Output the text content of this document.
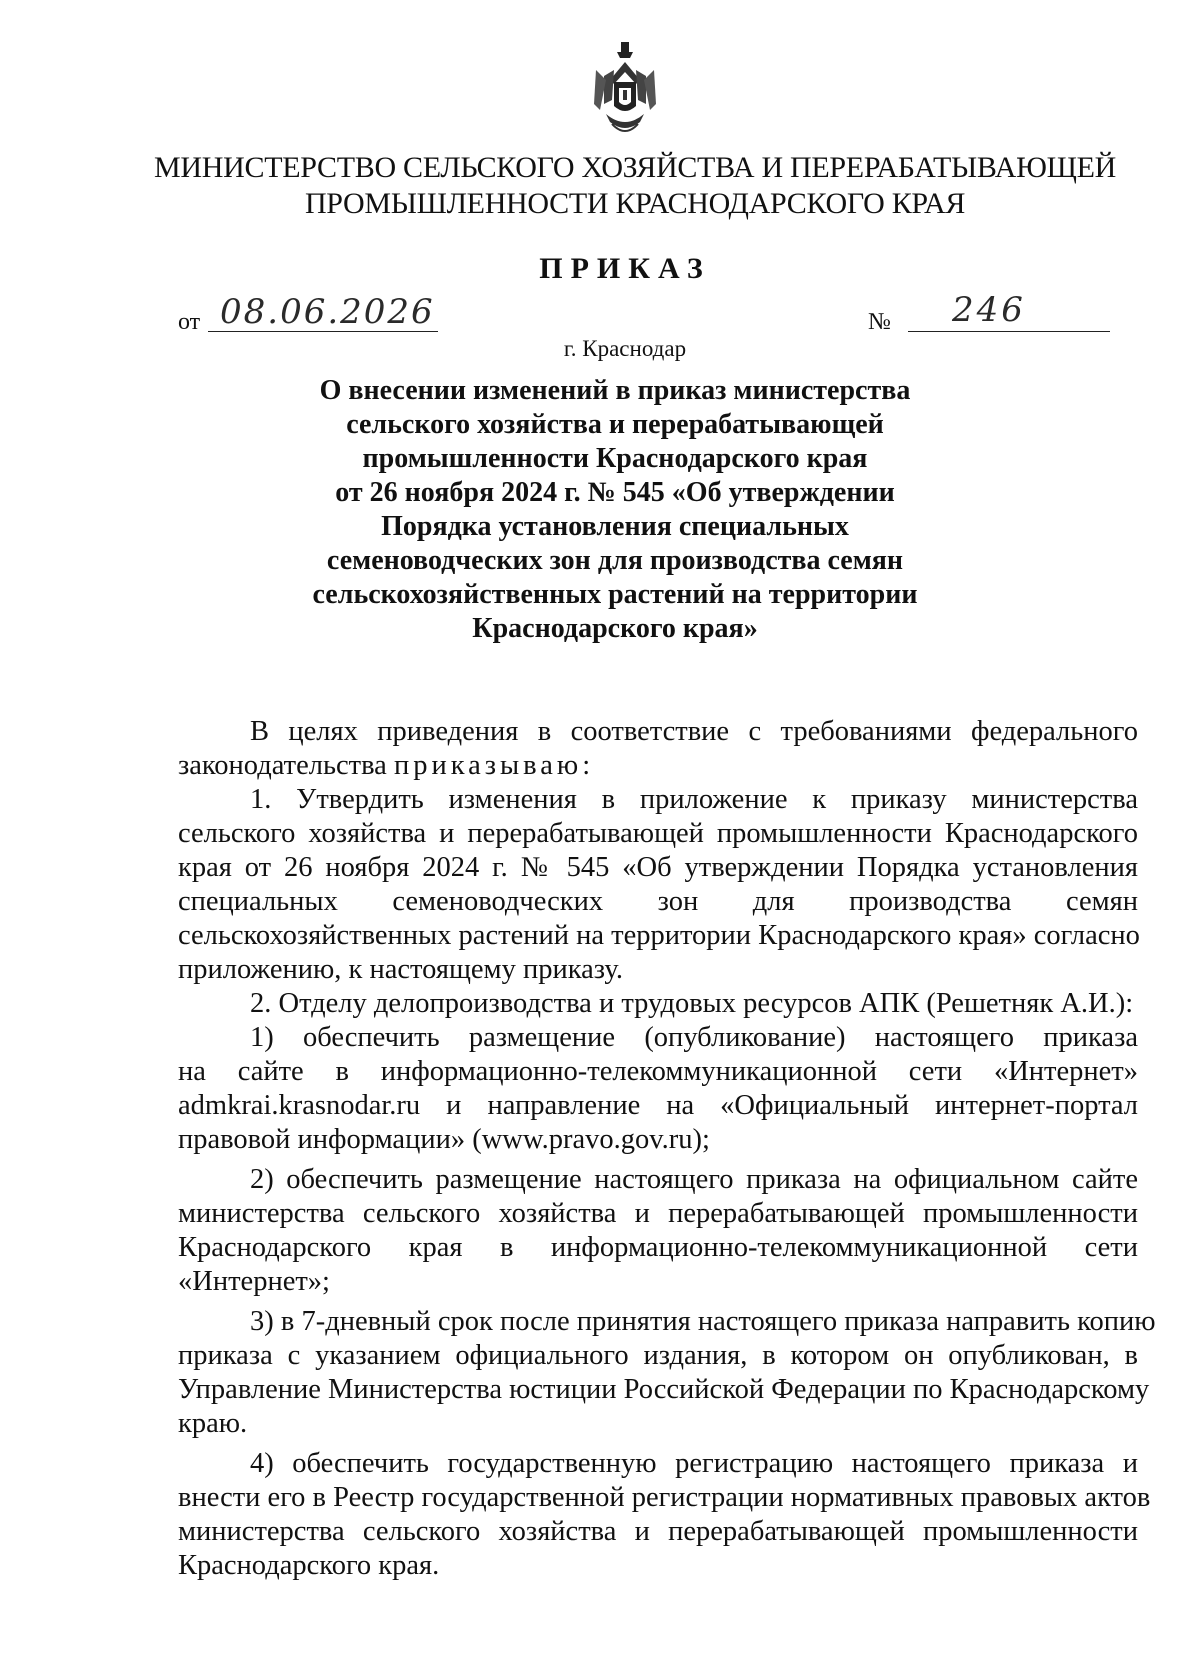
МИНИСТЕРСТВО СЕЛЬСКОГО ХОЗЯЙСТВА И ПЕРЕРАБАТЫВАЮЩЕЙ
ПРОМЫШЛЕННОСТИ КРАСНОДАРСКОГО КРАЯ
ПРИКАЗ
от 08.06.2026	№ 246
г. Краснодар
О внесении изменений в приказ министерства
сельского хозяйства и перерабатывающей
промышленности Краснодарского края
от 26 ноября 2024 г. № 545 «Об утверждении
Порядка установления специальных
семеноводческих зон для производства семян
сельскохозяйственных растений на территории
Краснодарского края»
В целях приведения в соответствие с требованиями федерального
законодательства приказываю:
1. Утвердить изменения в приложение к приказу министерства
сельского хозяйства и перерабатывающей промышленности Краснодарского
края от 26 ноября 2024 г. № 545 «Об утверждении Порядка установления
специальных семеноводческих зон для производства семян
сельскохозяйственных растений на территории Краснодарского края» согласно
приложению, к настоящему приказу.
2. Отделу делопроизводства и трудовых ресурсов АПК (Решетняк А.И.):
1) обеспечить размещение (опубликование) настоящего приказа
на сайте в информационно-телекоммуникационной сети «Интернет»
admkrai.krasnodar.ru и направление на «Официальный интернет-портал
правовой информации» (www.pravo.gov.ru);
2) обеспечить размещение настоящего приказа на официальном сайте
министерства сельского хозяйства и перерабатывающей промышленности
Краснодарского края в информационно-телекоммуникационной сети
«Интернет»;
3) в 7-дневный срок после принятия настоящего приказа направить копию
приказа с указанием официального издания, в котором он опубликован, в
Управление Министерства юстиции Российской Федерации по Краснодарскому
краю.
4) обеспечить государственную регистрацию настоящего приказа и
внести его в Реестр государственной регистрации нормативных правовых актов
министерства сельского хозяйства и перерабатывающей промышленности
Краснодарского края.
